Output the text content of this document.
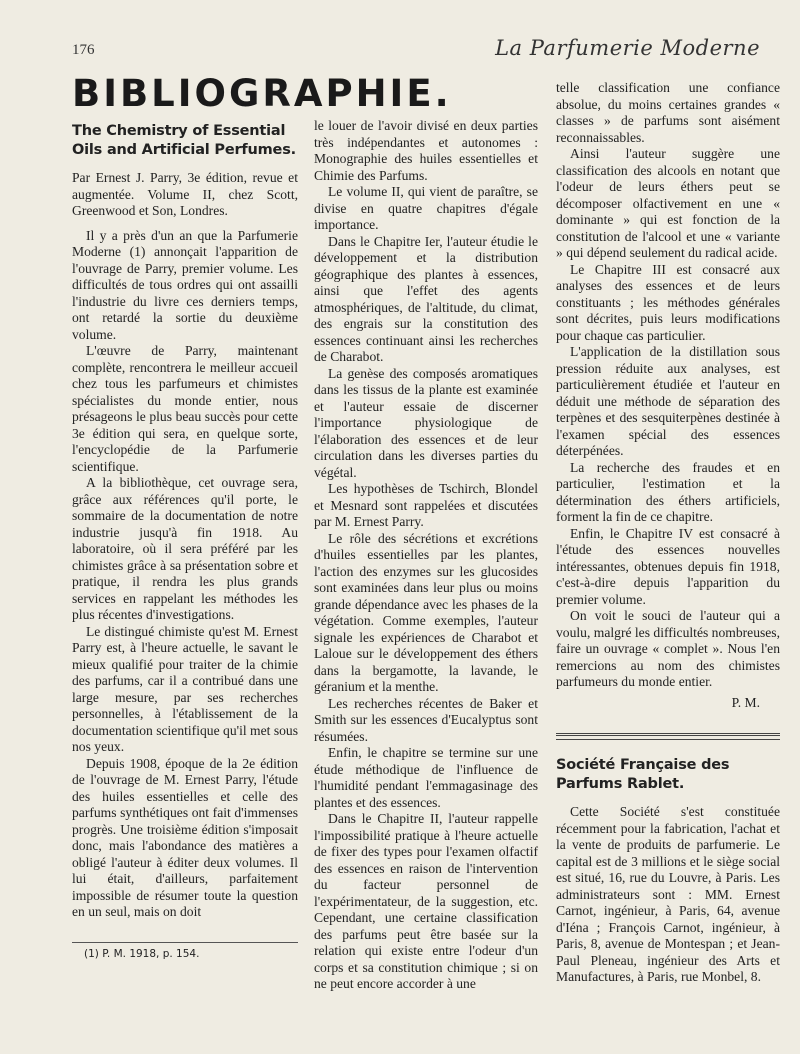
176	La Parfumerie Moderne
BIBLIOGRAPHIE.
The Chemistry of Essential Oils and Artificial Perfumes.

Par Ernest J. Parry, 3e édition, revue et augmentée. Volume II, chez Scott, Greenwood et Son, Londres.

Il y a près d'un an que la Parfumerie Moderne (1) annonçait l'apparition de l'ouvrage de Parry, premier volume. Les difficultés de tous ordres qui ont assailli l'industrie du livre ces derniers temps, ont retardé la sortie du deuxième volume.

L'œuvre de Parry, maintenant complète, rencontrera le meilleur accueil chez tous les parfumeurs et chimistes spécialistes du monde entier, nous présageons le plus beau succès pour cette 3e édition qui sera, en quelque sorte, l'encyclopédie de la Parfumerie scientifique.

A la bibliothèque, cet ouvrage sera, grâce aux références qu'il porte, le sommaire de la documentation de notre industrie jusqu'à fin 1918. Au laboratoire, où il sera préféré par les chimistes grâce à sa présentation sobre et pratique, il rendra les plus grands services en rappelant les méthodes les plus récentes d'investigations.

Le distingué chimiste qu'est M. Ernest Parry est, à l'heure actuelle, le savant le mieux qualifié pour traiter de la chimie des parfums, car il a contribué dans une large mesure, par ses recherches personnelles, à l'établissement de la documentation scientifique qu'il met sous nos yeux.

Depuis 1908, époque de la 2e édition de l'ouvrage de M. Ernest Parry, l'étude des huiles essentielles et celle des parfums synthétiques ont fait d'immenses progrès. Une troisième édition s'imposait donc, mais l'abondance des matières a obligé l'auteur à éditer deux volumes. Il lui était, d'ailleurs, parfaitement impossible de résumer toute la question en un seul, mais on doit

(1) P. M. 1918, p. 154.

le louer de l'avoir divisé en deux parties très indépendantes et autonomes : Monographie des huiles essentielles et Chimie des Parfums.

Le volume II, qui vient de paraître, se divise en quatre chapitres d'égale importance.

Dans le Chapitre Ier, l'auteur étudie le développement et la distribution géographique des plantes à essences, ainsi que l'effet des agents atmosphériques, de l'altitude, du climat, des engrais sur la constitution des essences continuant ainsi les recherches de Charabot.

La genèse des composés aromatiques dans les tissus de la plante est examinée et l'auteur essaie de discerner l'importance physiologique de l'élaboration des essences et de leur circulation dans les diverses parties du végétal.

Les hypothèses de Tschirch, Blondel et Mesnard sont rappelées et discutées par M. Ernest Parry.

Le rôle des sécrétions et excrétions d'huiles essentielles par les plantes, l'action des enzymes sur les glucosides sont examinées dans leur plus ou moins grande dépendance avec les phases de la végétation. Comme exemples, l'auteur signale les expériences de Charabot et Laloue sur le développement des éthers dans la bergamotte, la lavande, le géranium et la menthe.

Les recherches récentes de Baker et Smith sur les essences d'Eucalyptus sont résumées.

Enfin, le chapitre se termine sur une étude méthodique de l'influence de l'humidité pendant l'emmagasinage des plantes et des essences.

Dans le Chapitre II, l'auteur rappelle l'impossibilité pratique à l'heure actuelle de fixer des types pour l'examen olfactif des essences en raison de l'intervention du facteur personnel de l'expérimentateur, de la suggestion, etc. Cependant, une certaine classification des parfums peut être basée sur la relation qui existe entre l'odeur d'un corps et sa constitution chimique ; si on ne peut encore accorder à une

telle classification une confiance absolue, du moins certaines grandes « classes » de parfums sont aisément reconnaissables.

Ainsi l'auteur suggère une classification des alcools en notant que l'odeur de leurs éthers peut se décomposer olfactivement en une « dominante » qui est fonction de la constitution de l'alcool et une « variante » qui dépend seulement du radical acide.

Le Chapitre III est consacré aux analyses des essences et de leurs constituants ; les méthodes générales sont décrites, puis leurs modifications pour chaque cas particulier.

L'application de la distillation sous pression réduite aux analyses, est particulièrement étudiée et l'auteur en déduit une méthode de séparation des terpènes et des sesquiterpènes destinée à l'examen spécial des essences déterpénées.

La recherche des fraudes et en particulier, l'estimation et la détermination des éthers artificiels, forment la fin de ce chapitre.

Enfin, le Chapitre IV est consacré à l'étude des essences nouvelles intéressantes, obtenues depuis fin 1918, c'est-à-dire depuis l'apparition du premier volume.

On voit le souci de l'auteur qui a voulu, malgré les difficultés nombreuses, faire un ouvrage « complet ». Nous l'en remercions au nom des chimistes parfumeurs du monde entier.

P. M.

Société Française des Parfums Rablet.

Cette Société s'est constituée récemment pour la fabrication, l'achat et la vente de produits de parfumerie. Le capital est de 3 millions et le siège social est situé, 16, rue du Louvre, à Paris. Les administrateurs sont : MM. Ernest Carnot, ingénieur, à Paris, 64, avenue d'Iéna ; François Carnot, ingénieur, à Paris, 8, avenue de Montespan ; et Jean-Paul Pleneau, ingénieur des Arts et Manufactures, à Paris, rue Monbel, 8.
